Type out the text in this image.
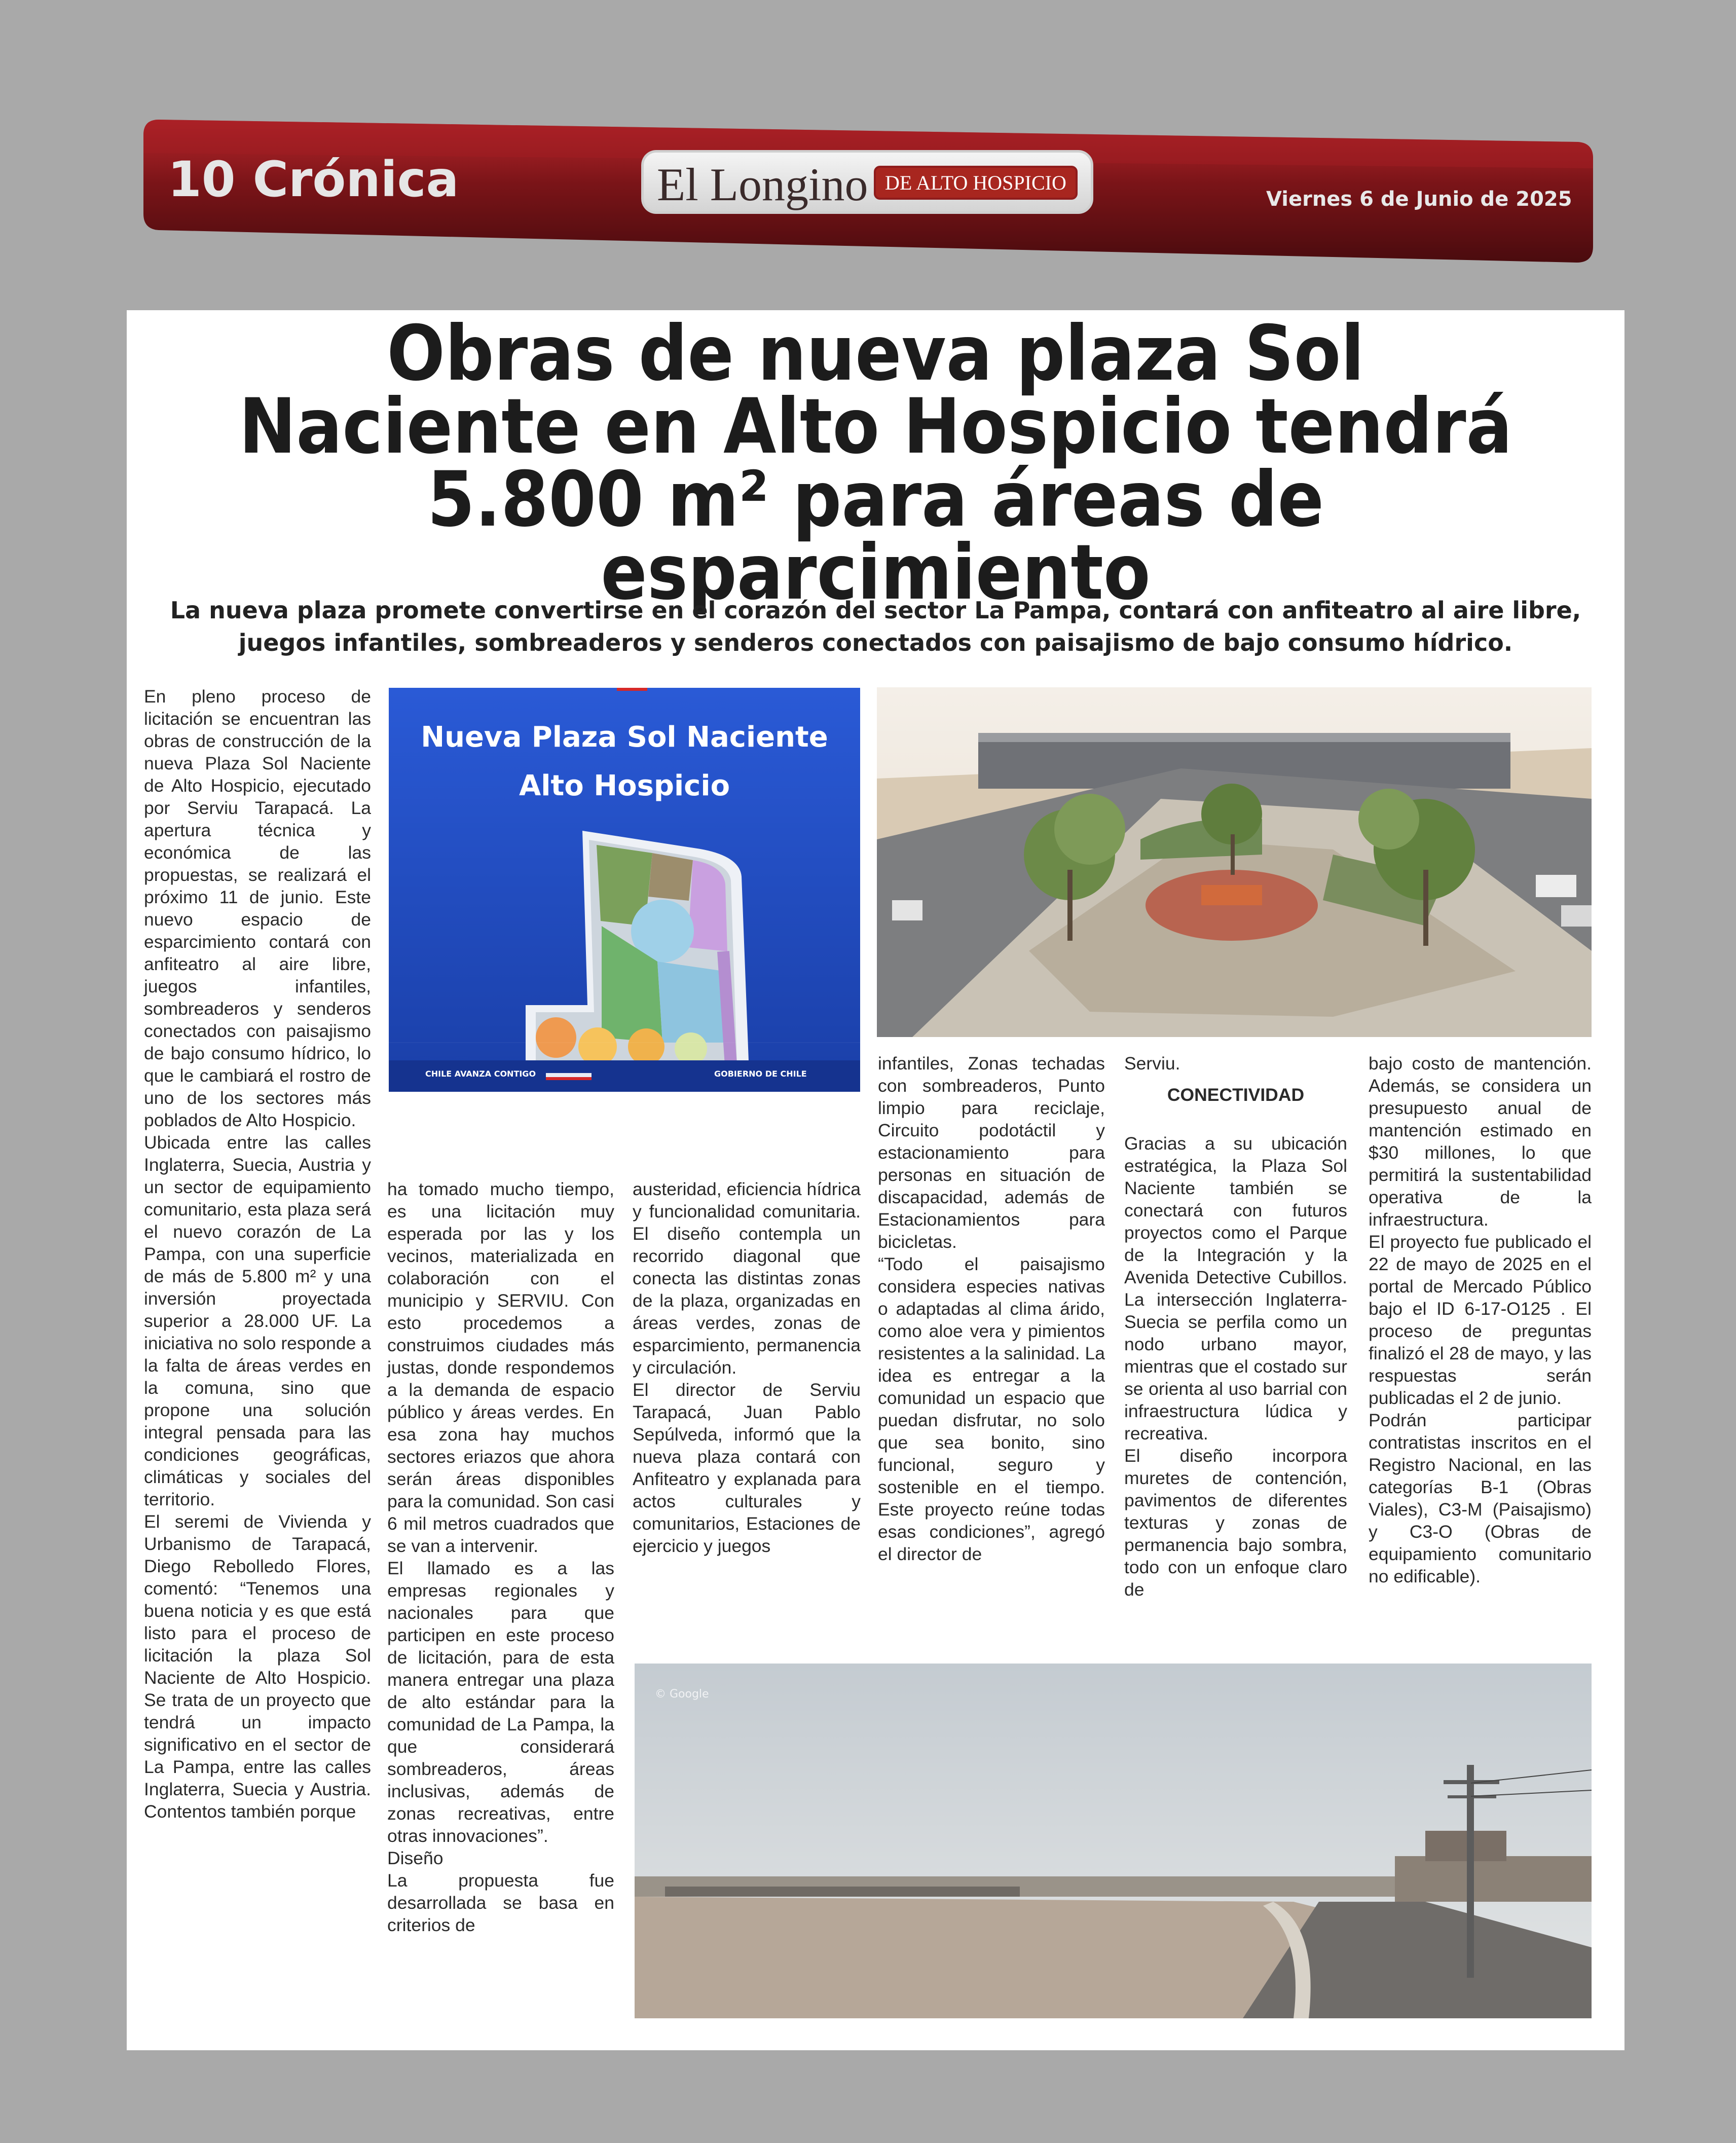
10 Crónica	El Longino DE ALTO HOSPICIO
Viernes 6 de Junio de 2025
Obras de nueva plaza Sol Naciente en Alto Hospicio tendrá 5.800 m² para áreas de esparcimiento
La nueva plaza promete convertirse en el corazón del sector La Pampa, contará con anfiteatro al aire libre, juegos infantiles, sombreaderos y senderos conectados con paisajismo de bajo consumo hídrico.

En pleno proceso de licitación se encuentran las obras de construcción de la nueva Plaza Sol Naciente de Alto Hospicio, ejecutado por Serviu Tarapacá. La apertura técnica y económica de las propuestas, se realizará el próximo 11 de junio. Este nuevo espacio de esparcimiento contará con anfiteatro al aire libre, juegos infantiles, sombreaderos y senderos conectados con paisajismo de bajo consumo hídrico, lo que le cambiará el rostro de uno de los sectores más poblados de Alto Hospicio.

Ubicada entre las calles Inglaterra, Suecia, Austria y un sector de equipamiento comunitario, esta plaza será el nuevo corazón de La Pampa, con una superficie de más de 5.800 m² y una inversión proyectada superior a 28.000 UF. La iniciativa no solo responde a la falta de áreas verdes en la comuna, sino que propone una solución integral pensada para las condiciones geográficas, climáticas y sociales del territorio.

El seremi de Vivienda y Urbanismo de Tarapacá, Diego Rebolledo Flores, comentó: “Tenemos una buena noticia y es que está listo para el proceso de licitación la plaza Sol Naciente de Alto Hospicio. Se trata de un proyecto que tendrá un impacto significativo en el sector de La Pampa, entre las calles Inglaterra, Suecia y Austria. Contentos también porque

Nueva Plaza Sol Naciente
Alto Hospicio
CHILE AVANZA CONTIGO	GOBIERNO DE CHILE

ha tomado mucho tiempo, es una licitación muy esperada por las y los vecinos, materializada en colaboración con el municipio y SERVIU. Con esto procedemos a construimos ciudades más justas, donde respondemos a la demanda de espacio público y áreas verdes. En esa zona hay muchos sectores eriazos que ahora serán áreas disponibles para la comunidad. Son casi 6 mil metros cuadrados que se van a intervenir.

El llamado es a las empresas regionales y nacionales para que participen en este proceso de licitación, para de esta manera entregar una plaza de alto estándar para la comunidad de La Pampa, la que considerará sombreaderos, áreas inclusivas, además de zonas recreativas, entre otras innovaciones”.

Diseño

La propuesta fue desarrollada se basa en criterios de

austeridad, eficiencia hídrica y funcionalidad comunitaria. El diseño contempla un recorrido diagonal que conecta las distintas zonas de la plaza, organizadas en áreas verdes, zonas de esparcimiento, permanencia y circulación.

El director de Serviu Tarapacá, Juan Pablo Sepúlveda, informó que la nueva plaza contará con Anfiteatro y explanada para actos culturales y comunitarios, Estaciones de ejercicio y juegos

infantiles, Zonas techadas con sombreaderos, Punto limpio para reciclaje, Circuito podotáctil y estacionamiento para personas en situación de discapacidad, además de Estacionamientos para bicicletas.

“Todo el paisajismo considera especies nativas o adaptadas al clima árido, como aloe vera y pimientos resistentes a la salinidad. La idea es entregar a la comunidad un espacio que puedan disfrutar, no solo que sea bonito, sino funcional, seguro y sostenible en el tiempo. Este proyecto reúne todas esas condiciones”, agregó el director de

Serviu.

CONECTIVIDAD

Gracias a su ubicación estratégica, la Plaza Sol Naciente también se conectará con futuros proyectos como el Parque de la Integración y la Avenida Detective Cubillos. La intersección Inglaterra-Suecia se perfila como un nodo urbano mayor, mientras que el costado sur se orienta al uso barrial con infraestructura lúdica y recreativa.

El diseño incorpora muretes de contención, pavimentos de diferentes texturas y zonas de permanencia bajo sombra, todo con un enfoque claro de

bajo costo de mantención. Además, se considera un presupuesto anual de mantención estimado en $30 millones, lo que permitirá la sustentabilidad operativa de la infraestructura.

El proyecto fue publicado el 22 de mayo de 2025 en el portal de Mercado Público bajo el ID 6-17-O125 . El proceso de preguntas finalizó el 28 de mayo, y las respuestas serán publicadas el 2 de junio.

Podrán participar contratistas inscritos en el Registro Nacional, en las categorías B-1 (Obras Viales), C3-M (Paisajismo) y C3-O (Obras de equipamiento comunitario no edificable).

© Google
